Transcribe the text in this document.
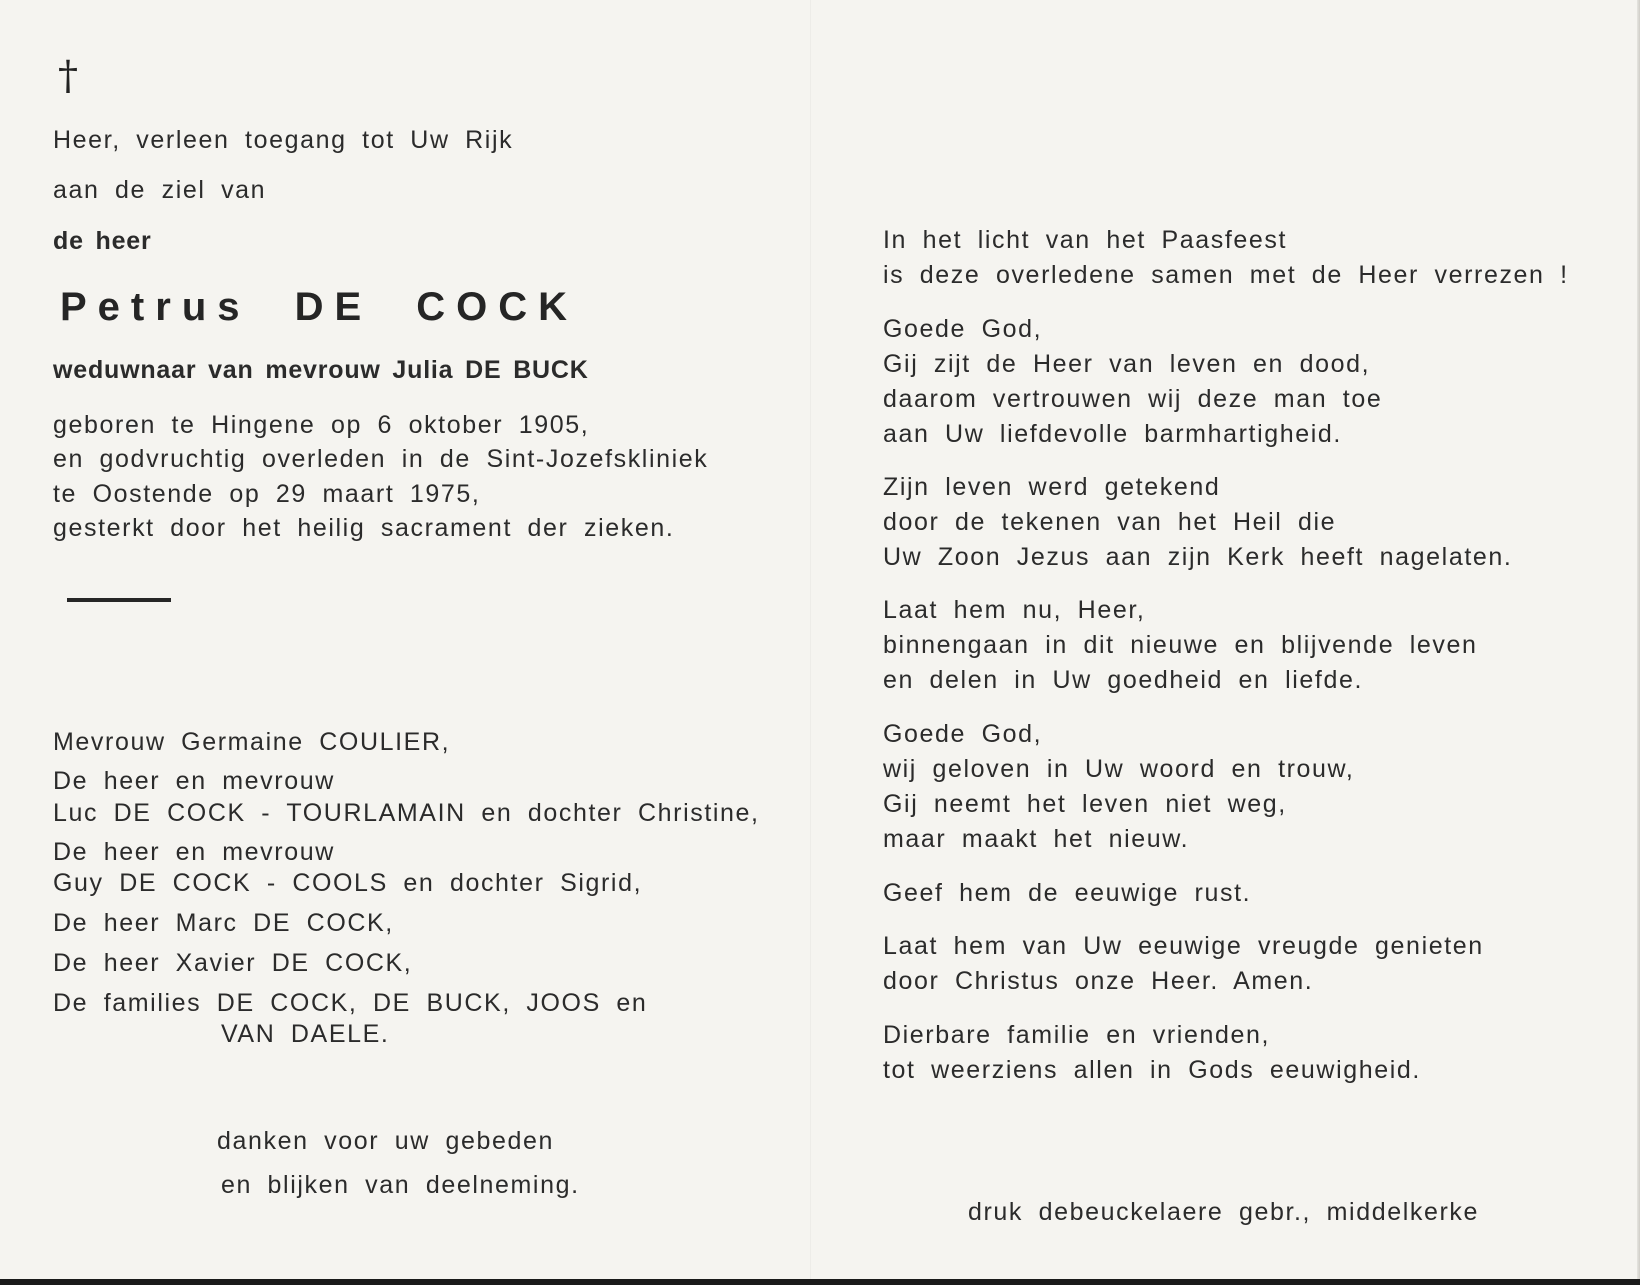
†
Heer, verleen toegang tot Uw Rijk
aan de ziel van
de heer
Petrus DE COCK
weduwnaar van mevrouw Julia DE BUCK
geboren te Hingene op 6 oktober 1905,
en godvruchtig overleden in de Sint-Jozefskliniek
te Oostende op 29 maart 1975,
gesterkt door het heilig sacrament der zieken.
Mevrouw Germaine COULIER,
De heer en mevrouw
Luc DE COCK - TOURLAMAIN en dochter Christine,
De heer en mevrouw
Guy DE COCK - COOLS en dochter Sigrid,
De heer Marc DE COCK,
De heer Xavier DE COCK,
De families DE COCK, DE BUCK, JOOS en
VAN DAELE.
danken voor uw gebeden
en blijken van deelneming.
In het licht van het Paasfeest
is deze overledene samen met de Heer verrezen !
Goede God,
Gij zijt de Heer van leven en dood,
daarom vertrouwen wij deze man toe
aan Uw liefdevolle barmhartigheid.
Zijn leven werd getekend
door de tekenen van het Heil die
Uw Zoon Jezus aan zijn Kerk heeft nagelaten.
Laat hem nu, Heer,
binnengaan in dit nieuwe en blijvende leven
en delen in Uw goedheid en liefde.
Goede God,
wij geloven in Uw woord en trouw,
Gij neemt het leven niet weg,
maar maakt het nieuw.
Geef hem de eeuwige rust.
Laat hem van Uw eeuwige vreugde genieten
door Christus onze Heer. Amen.
Dierbare familie en vrienden,
tot weerziens allen in Gods eeuwigheid.
druk debeuckelaere gebr., middelkerke
